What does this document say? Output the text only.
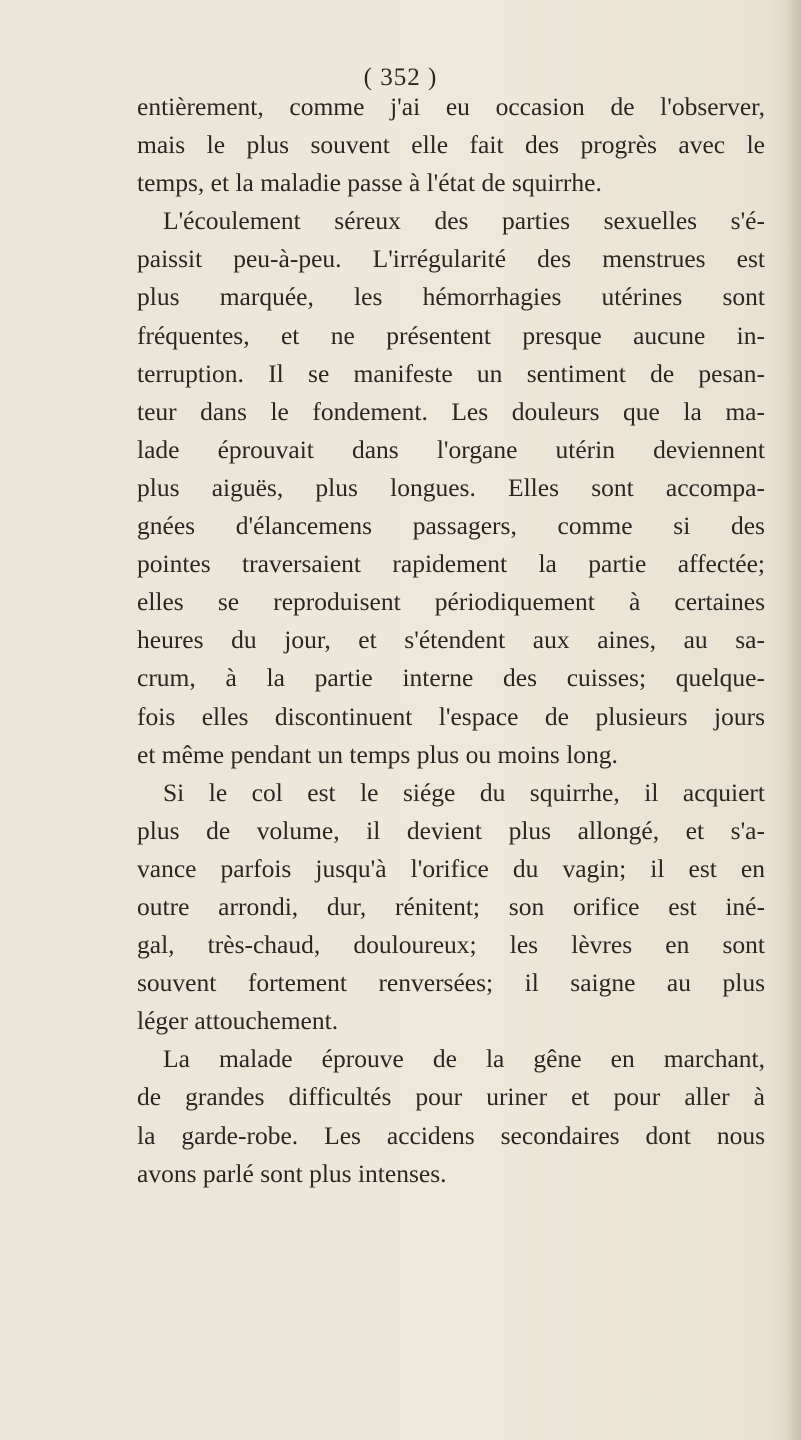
( 352 )
entièrement, comme j'ai eu occasion de l'observer,
mais le plus souvent elle fait des progrès avec le
temps, et la maladie passe à l'état de squirrhe.
L'écoulement séreux des parties sexuelles s'é-
paissit peu-à-peu. L'irrégularité des menstrues est
plus marquée, les hémorrhagies utérines sont
fréquentes, et ne présentent presque aucune in-
terruption. Il se manifeste un sentiment de pesan-
teur dans le fondement. Les douleurs que la ma-
lade éprouvait dans l'organe utérin deviennent
plus aiguës, plus longues. Elles sont accompa-
gnées d'élancemens passagers, comme si des
pointes traversaient rapidement la partie affectée;
elles se reproduisent périodiquement à certaines
heures du jour, et s'étendent aux aines, au sa-
crum, à la partie interne des cuisses; quelque-
fois elles discontinuent l'espace de plusieurs jours
et même pendant un temps plus ou moins long.
Si le col est le siége du squirrhe, il acquiert
plus de volume, il devient plus allongé, et s'a-
vance parfois jusqu'à l'orifice du vagin; il est en
outre arrondi, dur, rénitent; son orifice est iné-
gal, très-chaud, douloureux; les lèvres en sont
souvent fortement renversées; il saigne au plus
léger attouchement.
La malade éprouve de la gêne en marchant,
de grandes difficultés pour uriner et pour aller à
la garde-robe. Les accidens secondaires dont nous
avons parlé sont plus intenses.
